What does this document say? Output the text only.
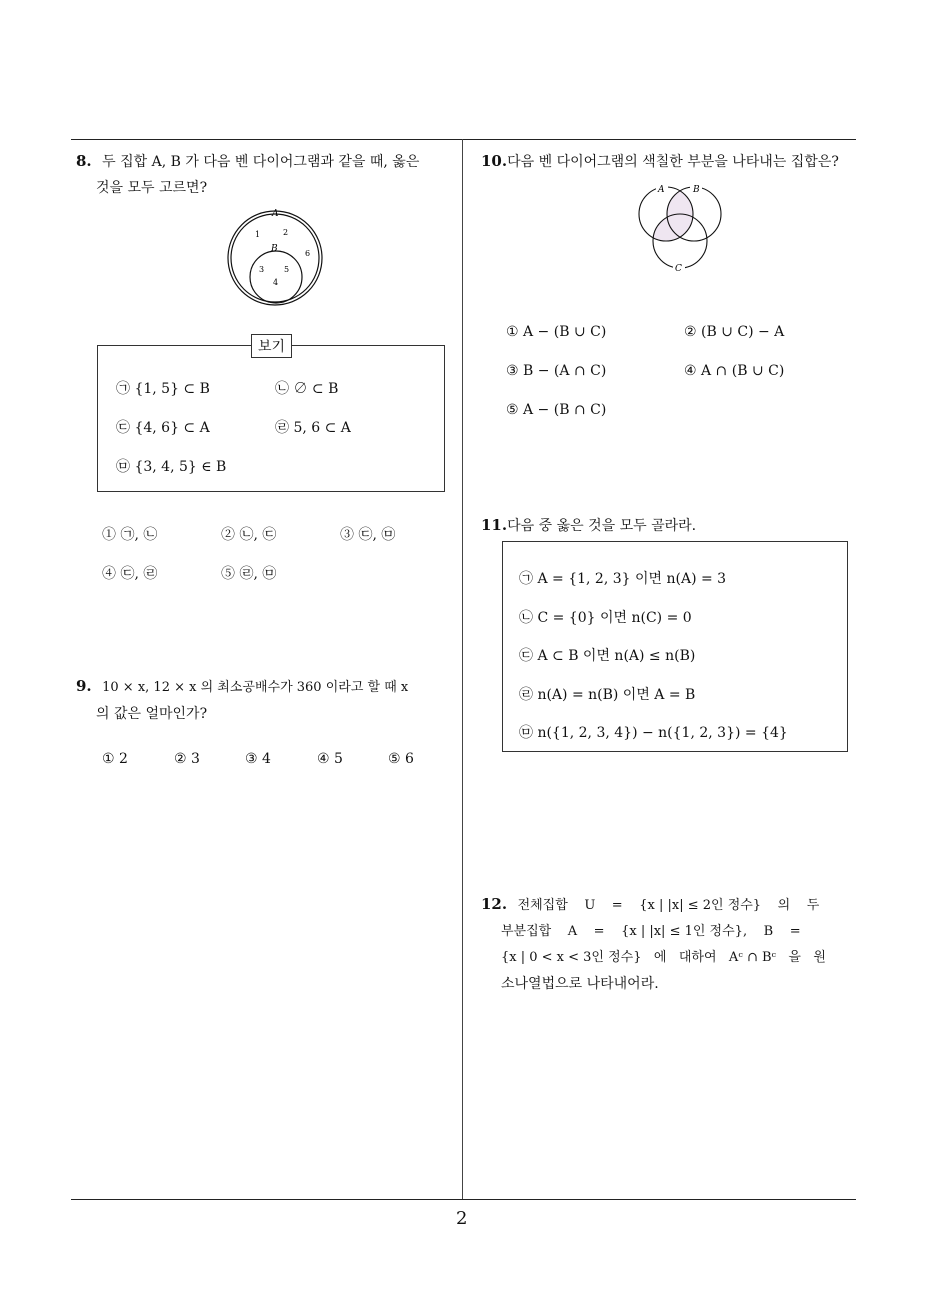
8. 두 집합 A, B 가 다음 벤 다이어그램과 같을 때, 옳은
것을 모두 고르면?
A
1	2
B	6
3 5
4
보기
㉠ {1, 5} ⊂ B	㉡ ∅ ⊂ B
㉢ {4, 6} ⊂ A	㉣ 5, 6 ⊂ A
㉤ {3, 4, 5} ∈ B
① ㉠, ㉡	② ㉡, ㉢	③ ㉢, ㉤
④ ㉢, ㉣	⑤ ㉣, ㉤
9. 10 × x, 12 × x 의 최소공배수가 360 이라고 할 때 x
의 값은 얼마인가?
① 2	② 3	③ 4	④ 5	⑤ 6
10.다음 벤 다이어그램의 색칠한 부분을 나타내는 집합은?
A	B
C
① A − (B ∪ C)	② (B ∪ C) − A
③ B − (A ∩ C)	④ A ∩ (B ∪ C)
⑤ A − (B ∩ C)
11.다음 중 옳은 것을 모두 골라라.
㉠ A = {1, 2, 3} 이면 n(A) = 3
㉡ C = {0} 이면 n(C) = 0
㉢ A ⊂ B 이면 n(A) ≤ n(B)
㉣ n(A) = n(B) 이면 A = B
㉤ n({1, 2, 3, 4}) − n({1, 2, 3}) = {4}
12. 전체집합    U    =    {x | |x| ≤ 2인 정수}    의    두
부분집합    A    =    {x | |x| ≤ 1인 정수},    B    =
{x | 0 < x < 3인 정수}   에   대하여   Aᶜ ∩ Bᶜ   을   원
소나열법으로 나타내어라.
2
